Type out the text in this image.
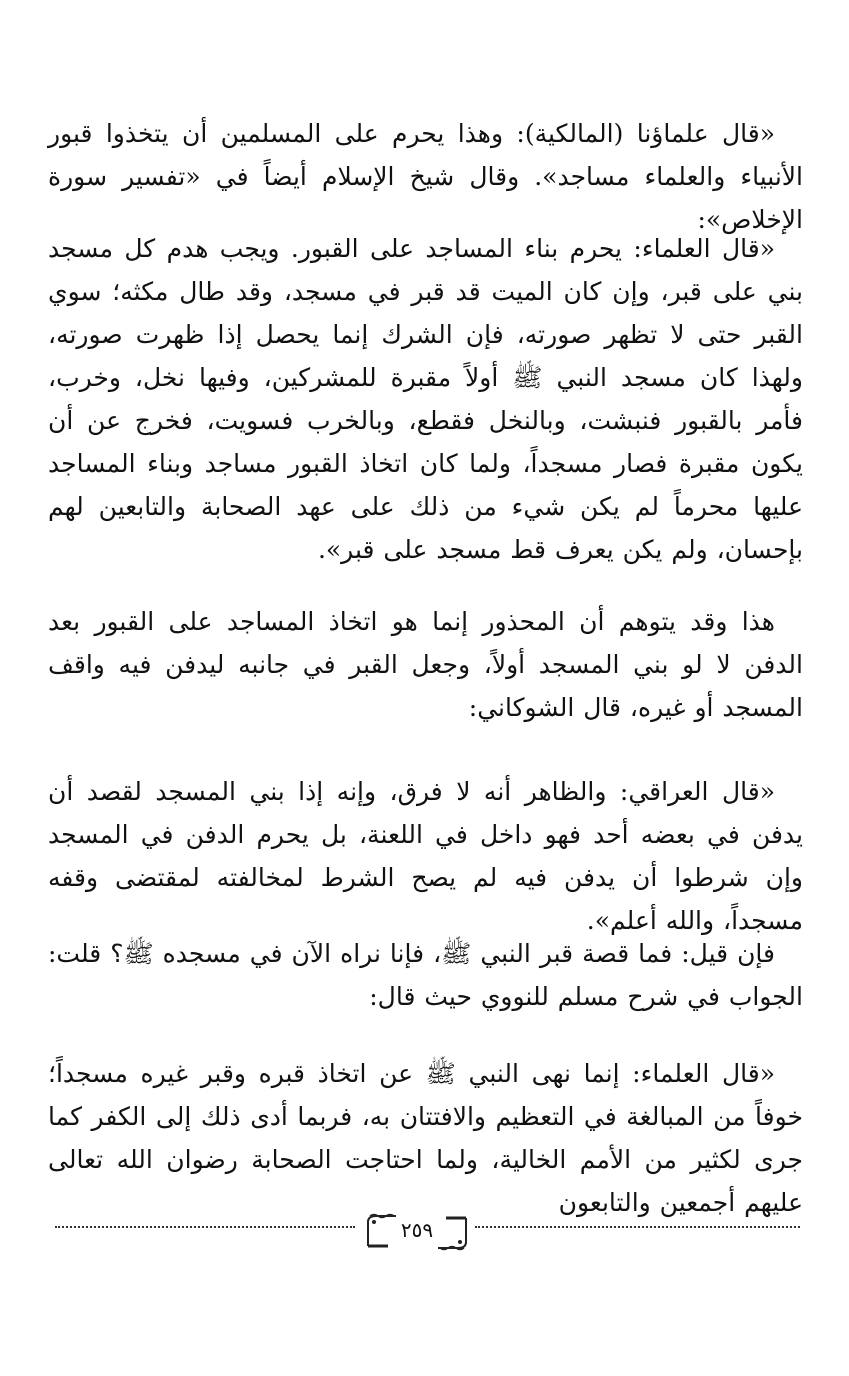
«قال علماؤنا (المالكية): وهذا يحرم على المسلمين أن يتخذوا قبور الأنبياء والعلماء مساجد». وقال شيخ الإسلام أيضاً في «تفسير سورة الإخلاص»:

«قال العلماء: يحرم بناء المساجد على القبور. ويجب هدم كل مسجد بني على قبر، وإن كان الميت قد قبر في مسجد، وقد طال مكثه؛ سوي القبر حتى لا تظهر صورته، فإن الشرك إنما يحصل إذا ظهرت صورته، ولهذا كان مسجد النبي ﷺ أولاً مقبرة للمشركين، وفيها نخل، وخرب، فأمر بالقبور فنبشت، وبالنخل فقطع، وبالخرب فسويت، فخرج عن أن يكون مقبرة فصار مسجداً، ولما كان اتخاذ القبور مساجد وبناء المساجد عليها محرماً لم يكن شيء من ذلك على عهد الصحابة والتابعين لهم بإحسان، ولم يكن يعرف قط مسجد على قبر».

هذا وقد يتوهم أن المحذور إنما هو اتخاذ المساجد على القبور بعد الدفن لا لو بني المسجد أولاً، وجعل القبر في جانبه ليدفن فيه واقف المسجد أو غيره، قال الشوكاني:

«قال العراقي: والظاهر أنه لا فرق، وإنه إذا بني المسجد لقصد أن يدفن في بعضه أحد فهو داخل في اللعنة، بل يحرم الدفن في المسجد وإن شرطوا أن يدفن فيه لم يصح الشرط لمخالفته لمقتضى وقفه مسجداً، والله أعلم».

فإن قيل: فما قصة قبر النبي ﷺ، فإنا نراه الآن في مسجده ﷺ؟ قلت: الجواب في شرح مسلم للنووي حيث قال:

«قال العلماء: إنما نهى النبي ﷺ عن اتخاذ قبره وقبر غيره مسجداً؛ خوفاً من المبالغة في التعظيم والافتتان به، فربما أدى ذلك إلى الكفر كما جرى لكثير من الأمم الخالية، ولما احتاجت الصحابة رضوان الله تعالى عليهم أجمعين والتابعون

٢٥٩
